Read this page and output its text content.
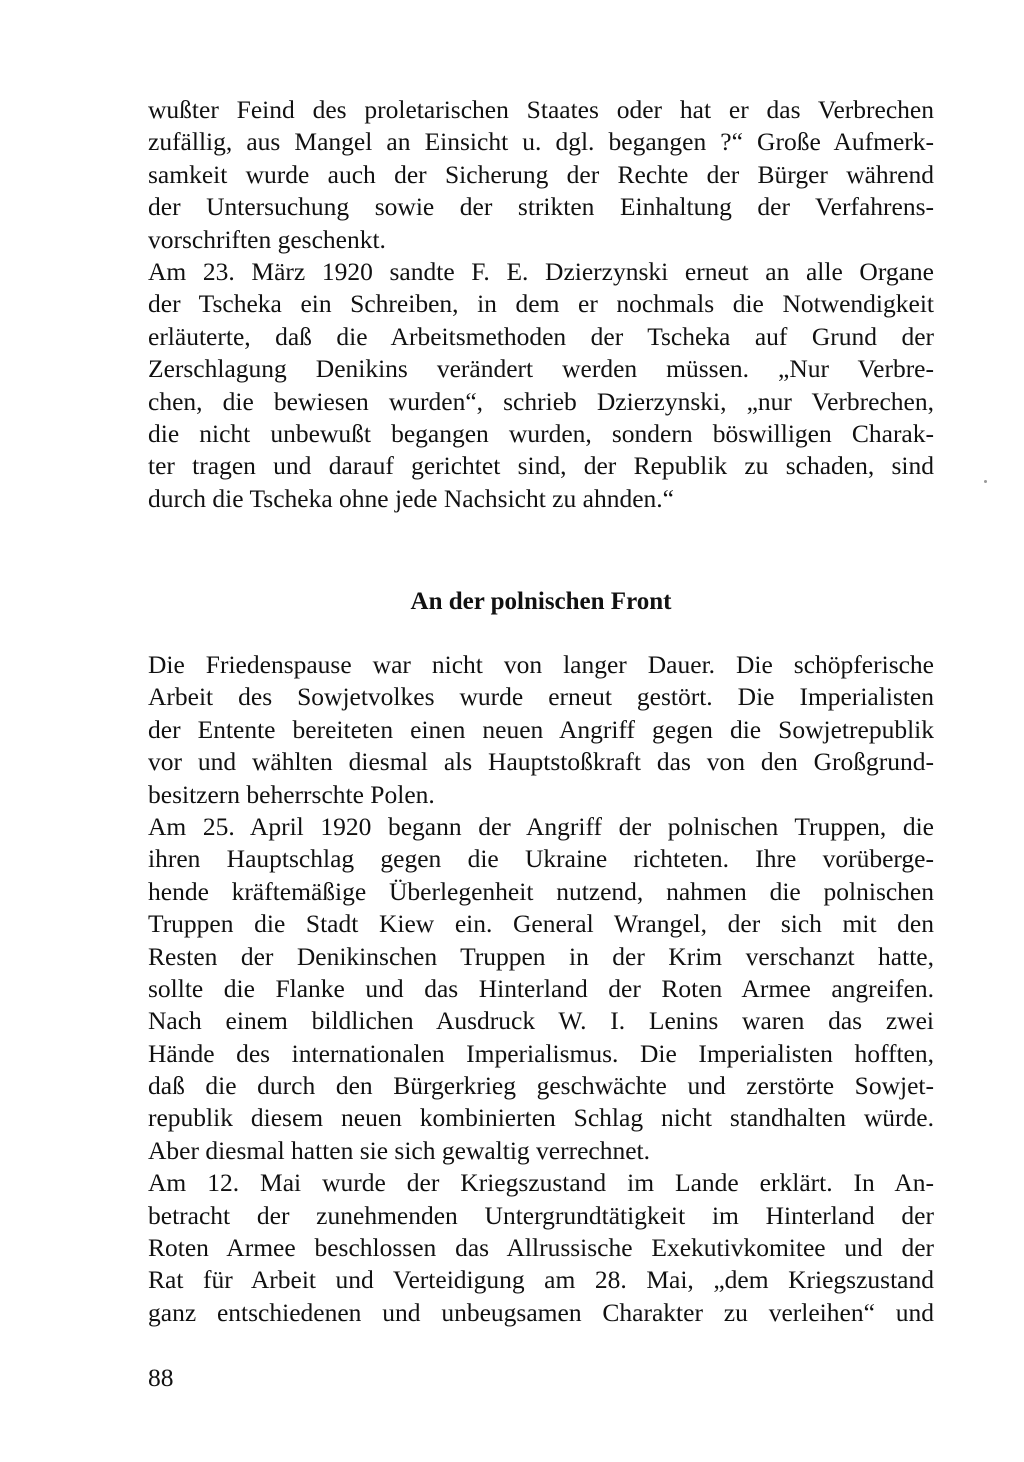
wußter Feind des proletarischen Staates oder hat er das Verbrechen
zufällig, aus Mangel an Einsicht u. dgl. begangen ?“ Große Aufmerk-
samkeit wurde auch der Sicherung der Rechte der Bürger während
der Untersuchung sowie der strikten Einhaltung der Verfahrens-
vorschriften geschenkt.
Am 23. März 1920 sandte F. E. Dzierzynski erneut an alle Organe
der Tscheka ein Schreiben, in dem er nochmals die Notwendigkeit
erläuterte, daß die Arbeitsmethoden der Tscheka auf Grund der
Zerschlagung Denikins verändert werden müssen. „Nur Verbre-
chen, die bewiesen wurden“, schrieb Dzierzynski, „nur Verbrechen,
die nicht unbewußt begangen wurden, sondern böswilligen Charak-
ter tragen und darauf gerichtet sind, der Republik zu schaden, sind
durch die Tscheka ohne jede Nachsicht zu ahnden.“
An der polnischen Front
Die Friedenspause war nicht von langer Dauer. Die schöpferische
Arbeit des Sowjetvolkes wurde erneut gestört. Die Imperialisten
der Entente bereiteten einen neuen Angriff gegen die Sowjetrepublik
vor und wählten diesmal als Hauptstoßkraft das von den Großgrund-
besitzern beherrschte Polen.
Am 25. April 1920 begann der Angriff der polnischen Truppen, die
ihren Hauptschlag gegen die Ukraine richteten. Ihre vorüberge-
hende kräftemäßige Überlegenheit nutzend, nahmen die polnischen
Truppen die Stadt Kiew ein. General Wrangel, der sich mit den
Resten der Denikinschen Truppen in der Krim verschanzt hatte,
sollte die Flanke und das Hinterland der Roten Armee angreifen.
Nach einem bildlichen Ausdruck W. I. Lenins waren das zwei
Hände des internationalen Imperialismus. Die Imperialisten hofften,
daß die durch den Bürgerkrieg geschwächte und zerstörte Sowjet-
republik diesem neuen kombinierten Schlag nicht standhalten würde.
Aber diesmal hatten sie sich gewaltig verrechnet.
Am 12. Mai wurde der Kriegszustand im Lande erklärt. In An-
betracht der zunehmenden Untergrundtätigkeit im Hinterland der
Roten Armee beschlossen das Allrussische Exekutivkomitee und der
Rat für Arbeit und Verteidigung am 28. Mai, „dem Kriegszustand
ganz entschiedenen und unbeugsamen Charakter zu verleihen“ und
88
